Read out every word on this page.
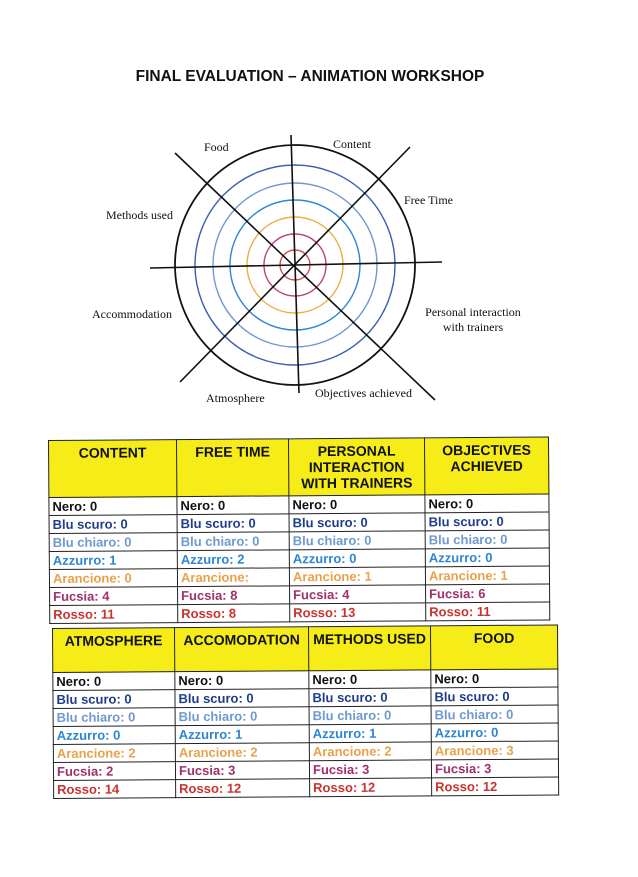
FINAL EVALUATION – ANIMATION WORKSHOP
Food	Content
Free Time
Methods used
Accommodation	Personal interaction with trainers
Objectives achieved
Atmosphere
CONTENT	FREE TIME	PERSONAL INTERACTION WITH TRAINERS	OBJECTIVES ACHIEVED
Nero: 0	Nero: 0	Nero: 0	Nero: 0
Blu scuro: 0	Blu scuro: 0	Blu scuro: 0	Blu scuro: 0
Blu chiaro: 0	Blu chiaro: 0	Blu chiaro: 0	Blu chiaro: 0
Azzurro: 1	Azzurro: 2	Azzurro: 0	Azzurro: 0
Arancione: 0	Arancione:	Arancione: 1	Arancione: 1
Fucsia: 4	Fucsia: 8	Fucsia: 4	Fucsia: 6
Rosso: 11	Rosso: 8	Rosso: 13	Rosso: 11
ATMOSPHERE	ACCOMODATION	METHODS USED	FOOD
Nero: 0	Nero: 0	Nero: 0	Nero: 0
Blu scuro: 0	Blu scuro: 0	Blu scuro: 0	Blu scuro: 0
Blu chiaro: 0	Blu chiaro: 0	Blu chiaro: 0	Blu chiaro: 0
Azzurro: 0	Azzurro: 1	Azzurro: 1	Azzurro: 0
Arancione: 2	Arancione: 2	Arancione: 2	Arancione: 3
Fucsia: 2	Fucsia: 3	Fucsia: 3	Fucsia: 3
Rosso: 14	Rosso: 12	Rosso: 12	Rosso: 12
